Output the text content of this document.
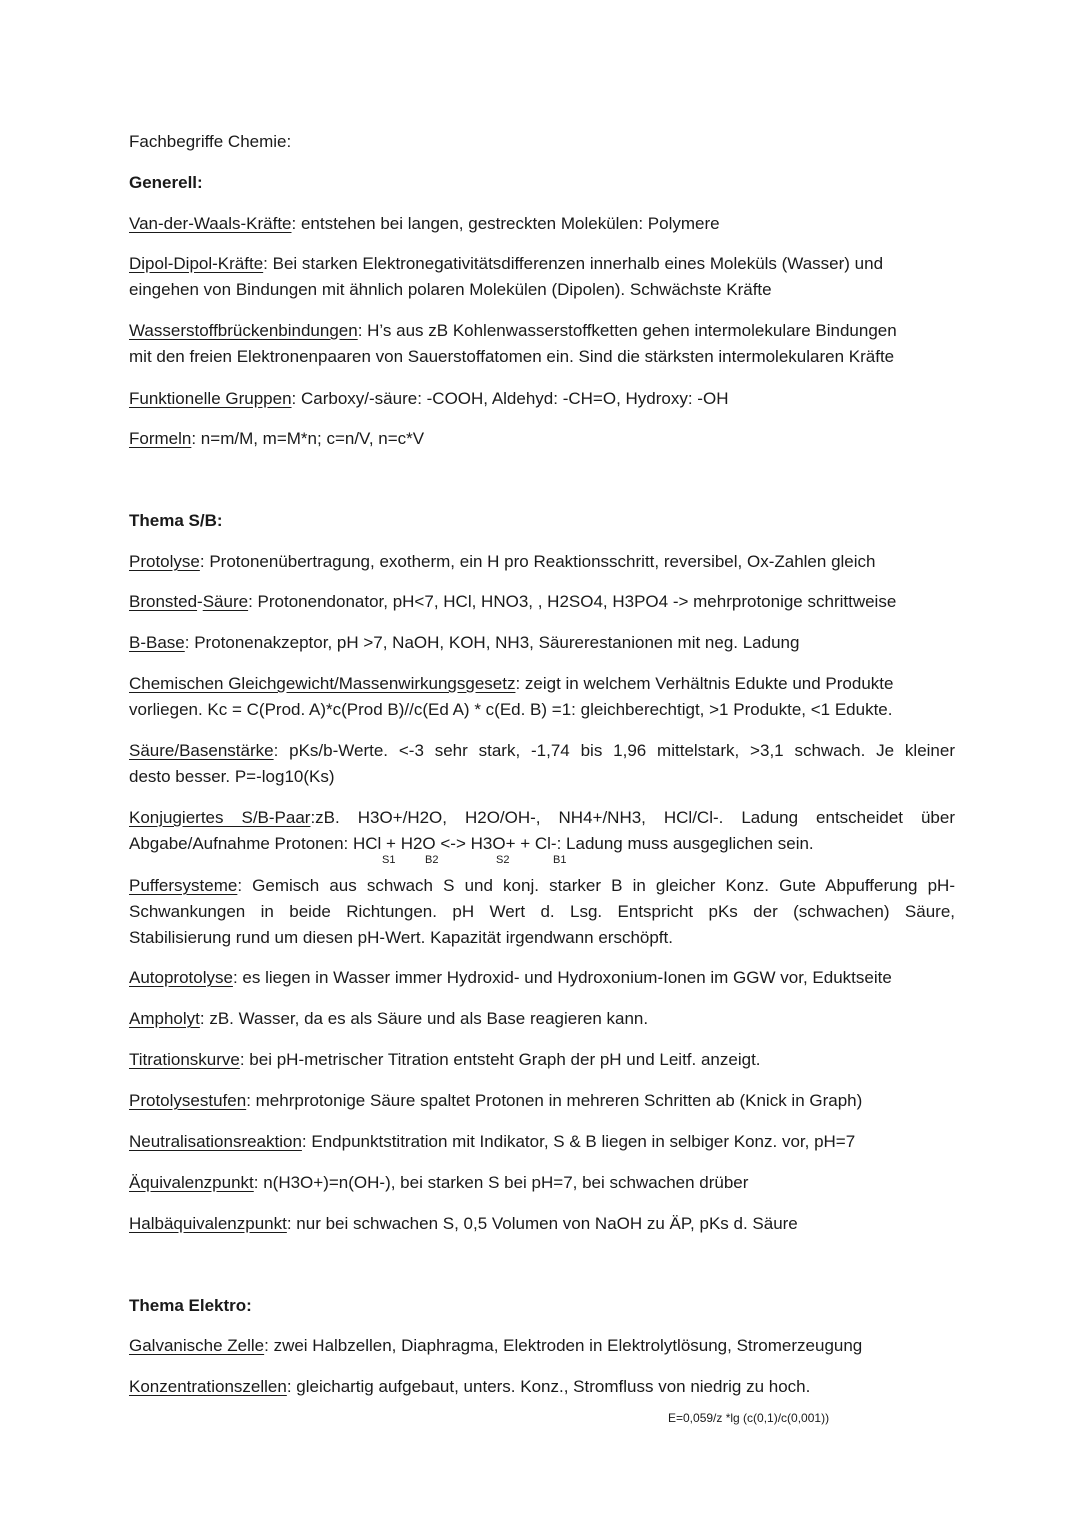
Fachbegriffe Chemie:
Generell:
Van-der-Waals-Kräfte: entstehen bei langen, gestreckten Molekülen: Polymere
Dipol-Dipol-Kräfte: Bei starken Elektronegativitätsdifferenzen innerhalb eines Moleküls (Wasser) und
eingehen von Bindungen mit ähnlich polaren Molekülen (Dipolen). Schwächste Kräfte
Wasserstoffbrückenbindungen: H’s aus zB Kohlenwasserstoffketten gehen intermolekulare Bindungen
mit den freien Elektronenpaaren von Sauerstoffatomen ein. Sind die stärksten intermolekularen Kräfte
Funktionelle Gruppen: Carboxy/-säure: -COOH, Aldehyd: -CH=O, Hydroxy: -OH
Formeln: n=m/M, m=M*n; c=n/V, n=c*V
Thema S/B:
Protolyse: Protonenübertragung, exotherm, ein H pro Reaktionsschritt, reversibel, Ox-Zahlen gleich
Bronsted-Säure: Protonendonator, pH<7, HCl, HNO3, , H2SO4, H3PO4 -> mehrprotonige schrittweise
B-Base: Protonenakzeptor, pH >7, NaOH, KOH, NH3, Säurerestanionen mit neg. Ladung
Chemischen Gleichgewicht/Massenwirkungsgesetz: zeigt in welchem Verhältnis Edukte und Produkte
vorliegen. Kc = C(Prod. A)*c(Prod B)//c(Ed A) * c(Ed. B) =1: gleichberechtigt, >1 Produkte, <1 Edukte.
Säure/Basenstärke: pKs/b-Werte. <-3 sehr stark, -1,74 bis 1,96 mittelstark, >3,1 schwach. Je kleiner
desto besser. P=-log10(Ks)
Konjugiertes S/B-Paar:zB. H3O+/H2O, H2O/OH-, NH4+/NH3, HCl/Cl-. Ladung entscheidet über
Abgabe/Aufnahme Protonen: HCl + H2O <-> H3O+ + Cl-: Ladung muss ausgeglichen sein.
S1	B2	S2	B1
Puffersysteme: Gemisch aus schwach S und konj. starker B in gleicher Konz. Gute Abpufferung pH-
Schwankungen in beide Richtungen. pH Wert d. Lsg. Entspricht pKs der (schwachen) Säure,
Stabilisierung rund um diesen pH-Wert. Kapazität irgendwann erschöpft.
Autoprotolyse: es liegen in Wasser immer Hydroxid- und Hydroxonium-Ionen im GGW vor, Eduktseite
Ampholyt: zB. Wasser, da es als Säure und als Base reagieren kann.
Titrationskurve: bei pH-metrischer Titration entsteht Graph der pH und Leitf. anzeigt.
Protolysestufen: mehrprotonige Säure spaltet Protonen in mehreren Schritten ab (Knick in Graph)
Neutralisationsreaktion: Endpunktstitration mit Indikator, S & B liegen in selbiger Konz. vor, pH=7
Äquivalenzpunkt: n(H3O+)=n(OH-), bei starken S bei pH=7, bei schwachen drüber
Halbäquivalenzpunkt: nur bei schwachen S, 0,5 Volumen von NaOH zu ÄP, pKs d. Säure
Thema Elektro:
Galvanische Zelle: zwei Halbzellen, Diaphragma, Elektroden in Elektrolytlösung, Stromerzeugung
Konzentrationszellen: gleichartig aufgebaut, unters. Konz., Stromfluss von niedrig zu hoch.
E=0,059/z *lg (c(0,1)/c(0,001))
